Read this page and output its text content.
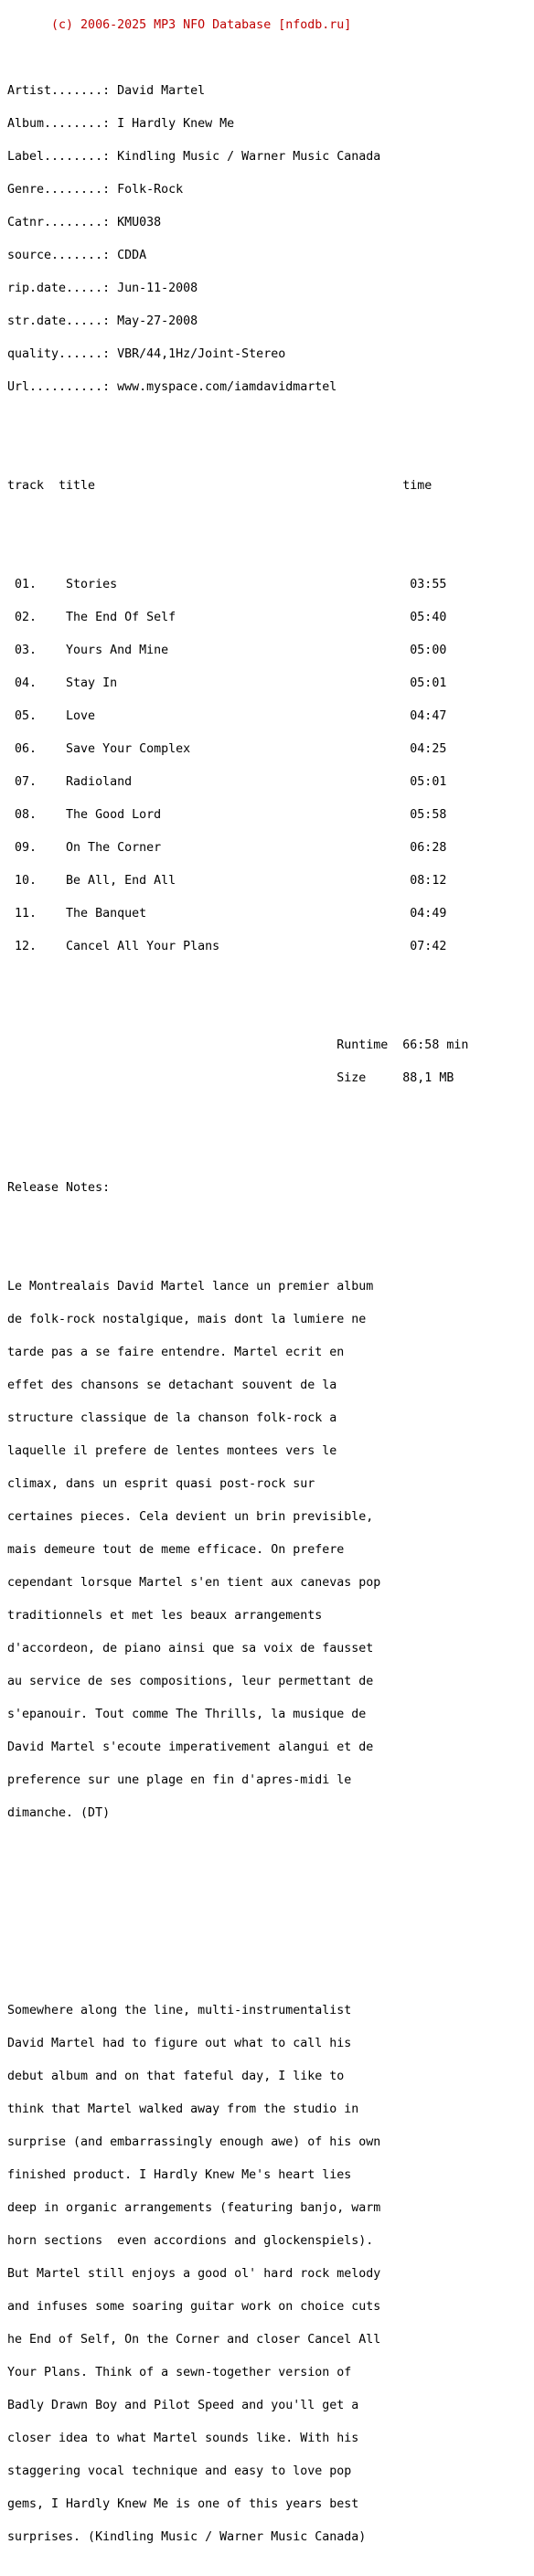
(c) 2006-2025 MP3 NFO Database [nfodb.ru]

Artist.......: David Martel

Album........: I Hardly Knew Me

Label........: Kindling Music / Warner Music Canada

Genre........: Folk-Rock

Catnr........: KMU038

source.......: CDDA

rip.date.....: Jun-11-2008

str.date.....: May-27-2008

quality......: VBR/44,1Hz/Joint-Stereo

Url..........: www.myspace.com/iamdavidmartel

track  title                                          time

01.    Stories                                        03:55

02.    The End Of Self                                05:40

03.    Yours And Mine                                 05:00

04.    Stay In                                        05:01

05.    Love                                           04:47

06.    Save Your Complex                              04:25

07.    Radioland                                      05:01

08.    The Good Lord                                  05:58

09.    On The Corner                                  06:28

10.    Be All, End All                                08:12

11.    The Banquet                                    04:49

12.    Cancel All Your Plans                          07:42

Runtime  66:58 min

Size     88,1 MB

Release Notes:

Le Montrealais David Martel lance un premier album

de folk-rock nostalgique, mais dont la lumiere ne

tarde pas a se faire entendre. Martel ecrit en

effet des chansons se detachant souvent de la

structure classique de la chanson folk-rock a

laquelle il prefere de lentes montees vers le

climax, dans un esprit quasi post-rock sur

certaines pieces. Cela devient un brin previsible,

mais demeure tout de meme efficace. On prefere

cependant lorsque Martel s'en tient aux canevas pop

traditionnels et met les beaux arrangements

d'accordeon, de piano ainsi que sa voix de fausset

au service de ses compositions, leur permettant de

s'epanouir. Tout comme The Thrills, la musique de

David Martel s'ecoute imperativement alangui et de

preference sur une plage en fin d'apres-midi le

dimanche. (DT)

Somewhere along the line, multi-instrumentalist

David Martel had to figure out what to call his

debut album and on that fateful day, I like to

think that Martel walked away from the studio in

surprise (and embarrassingly enough awe) of his own

finished product. I Hardly Knew Me's heart lies

deep in organic arrangements (featuring banjo, warm

horn sections  even accordions and glockenspiels).

But Martel still enjoys a good ol' hard rock melody

and infuses some soaring guitar work on choice cuts

he End of Self, On the Corner and closer Cancel All

Your Plans. Think of a sewn-together version of

Badly Drawn Boy and Pilot Speed and you'll get a

closer idea to what Martel sounds like. With his

staggering vocal technique and easy to love pop

gems, I Hardly Knew Me is one of this years best

surprises. (Kindling Music / Warner Music Canada)
